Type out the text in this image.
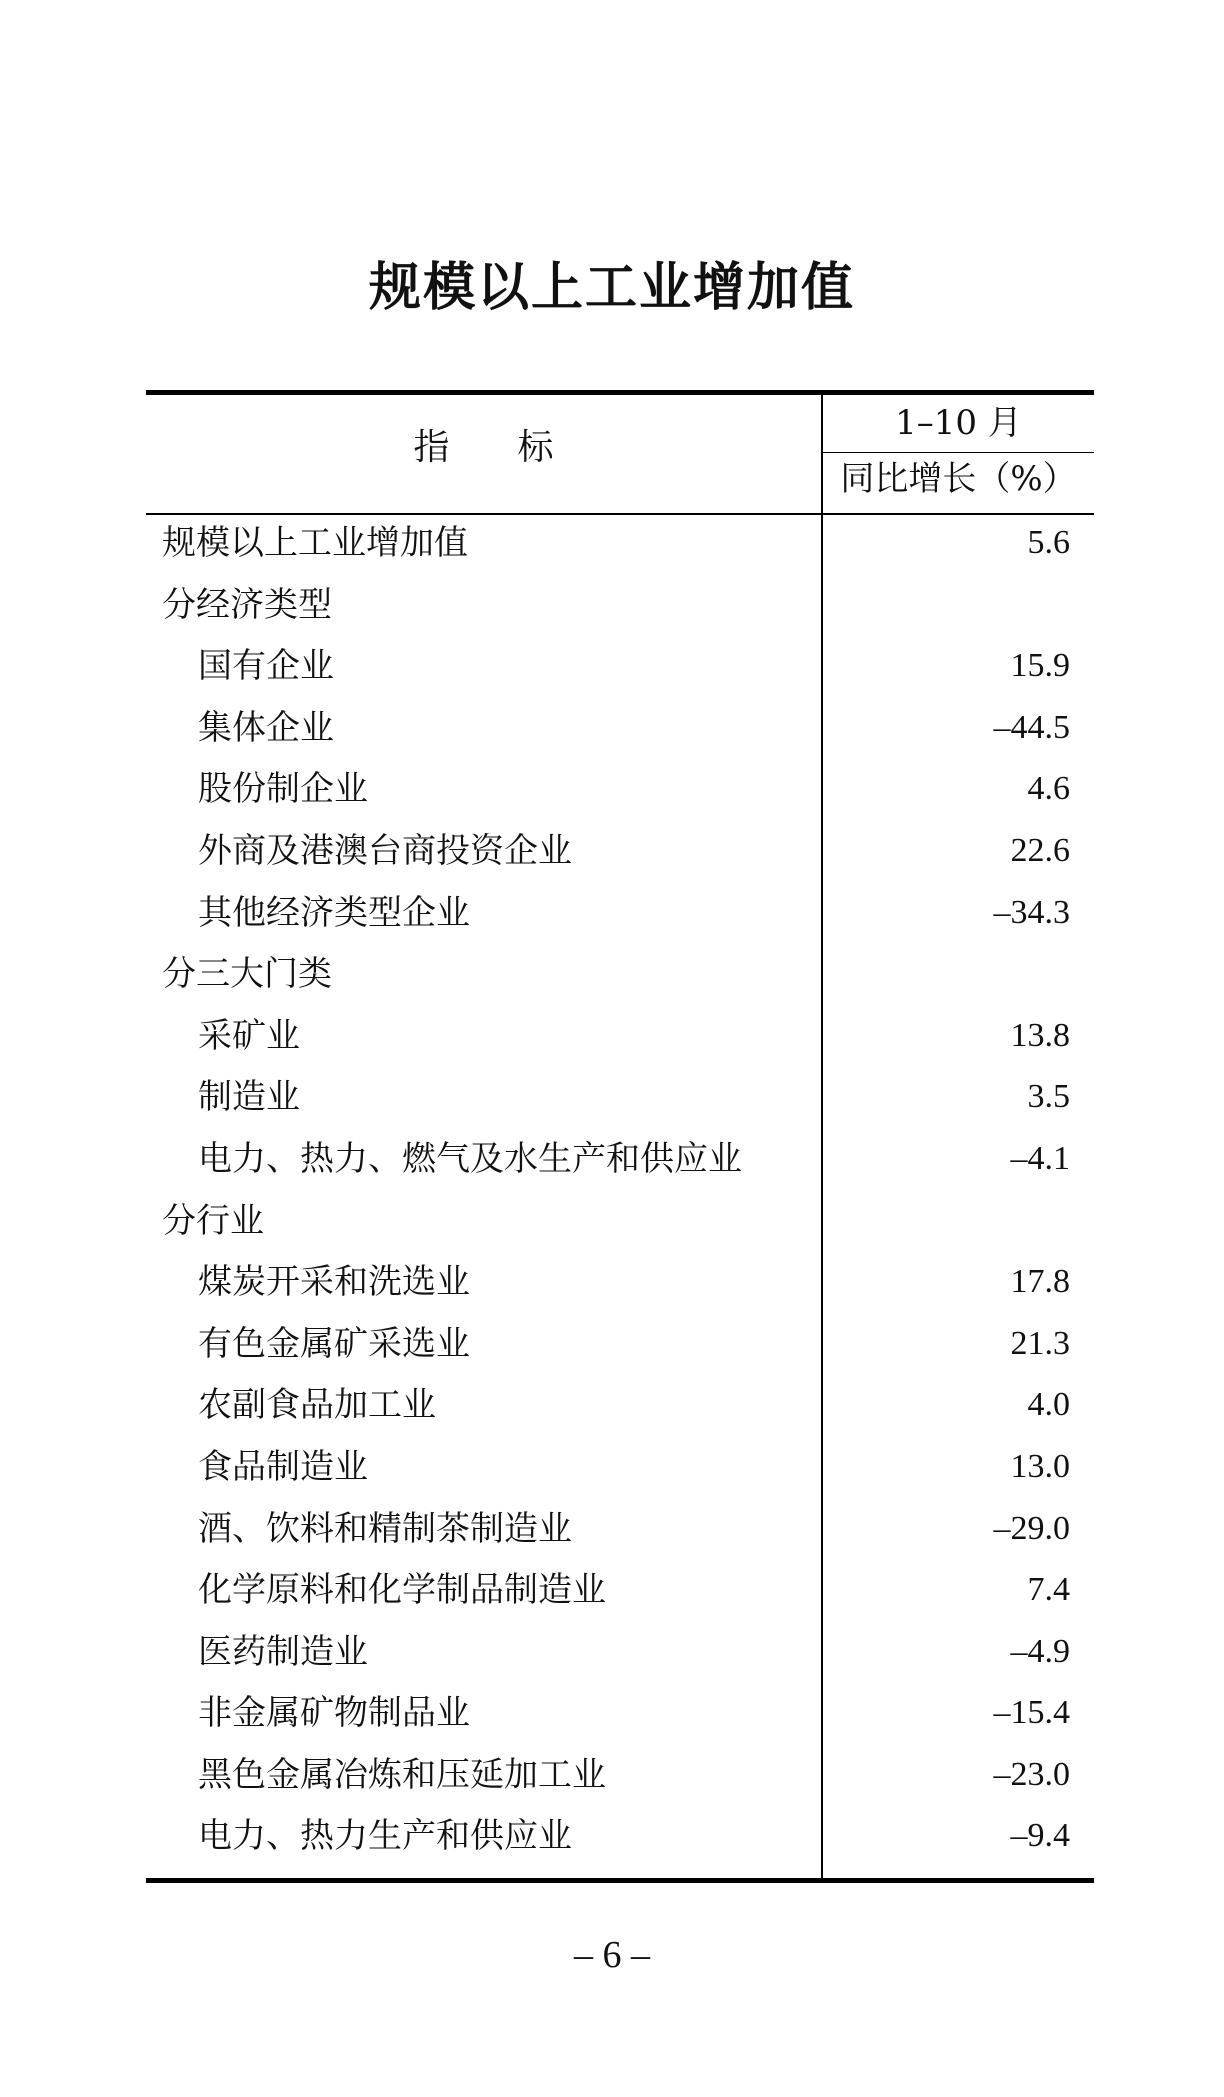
规模以上工业增加值
指 标
1–10 月
同比增长（%）
规模以上工业增加值	5.6
分经济类型
国有企业	15.9
集体企业	–44.5
股份制企业	4.6
外商及港澳台商投资企业	22.6
其他经济类型企业	–34.3
分三大门类
采矿业	13.8
制造业	3.5
电力、热力、燃气及水生产和供应业	–4.1
分行业
煤炭开采和洗选业	17.8
有色金属矿采选业	21.3
农副食品加工业	4.0
食品制造业	13.0
酒、饮料和精制茶制造业	–29.0
化学原料和化学制品制造业	7.4
医药制造业	–4.9
非金属矿物制品业	–15.4
黑色金属冶炼和压延加工业	–23.0
电力、热力生产和供应业	–9.4
– 6 –
